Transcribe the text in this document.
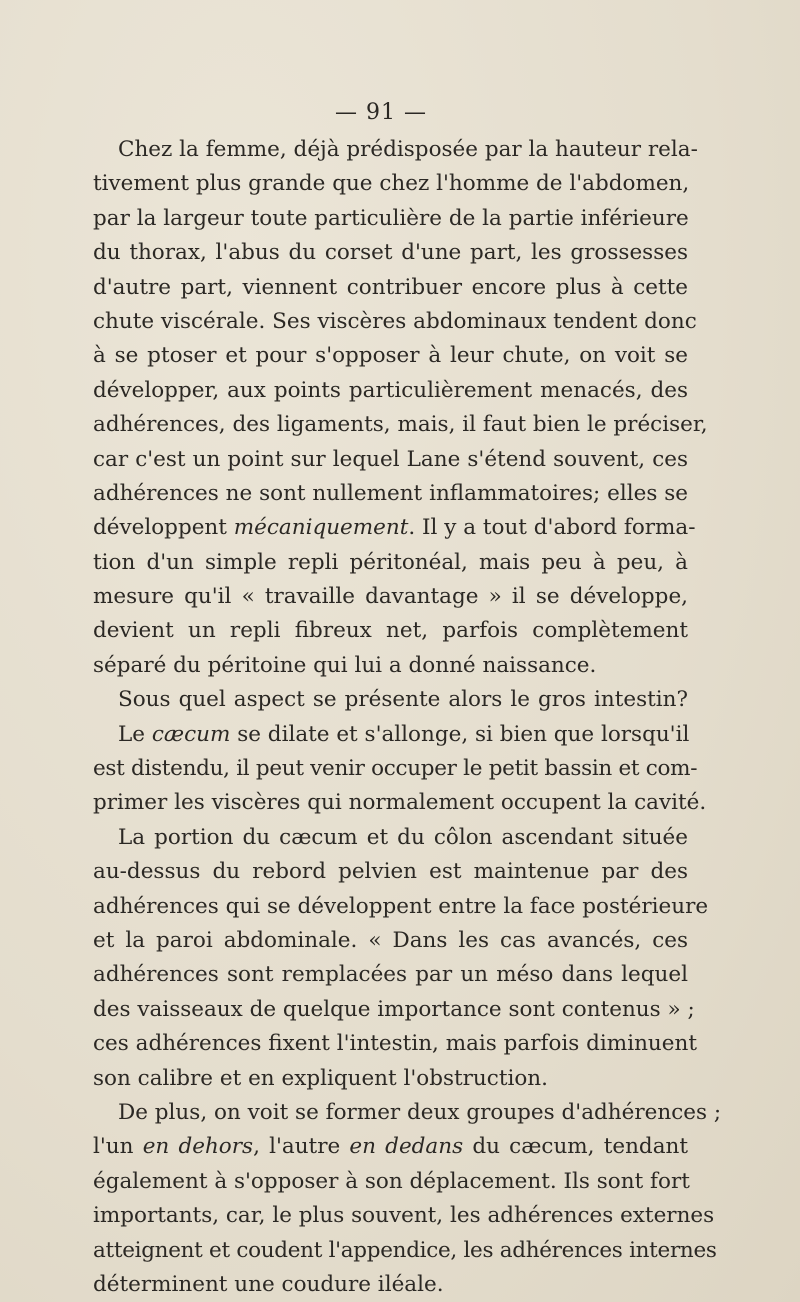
— 91 —
Chez la femme, déjà prédisposée par la hauteur rela-
tivement plus grande que chez l'homme de l'abdomen,
par la largeur toute particulière de la partie inférieure
du thorax, l'abus du corset d'une part, les grossesses
d'autre part, viennent contribuer encore plus à cette
chute viscérale. Ses viscères abdominaux tendent donc
à se ptoser et pour s'opposer à leur chute, on voit se
développer, aux points particulièrement menacés, des
adhérences, des ligaments, mais, il faut bien le préciser,
car c'est un point sur lequel Lane s'étend souvent, ces
adhérences ne sont nullement inflammatoires; elles se
développent mécaniquement. Il y a tout d'abord forma-
tion d'un simple repli péritonéal, mais peu à peu, à
mesure qu'il « travaille davantage » il se développe,
devient un repli fibreux net, parfois complètement
séparé du péritoine qui lui a donné naissance.
Sous quel aspect se présente alors le gros intestin?
Le cæcum se dilate et s'allonge, si bien que lorsqu'il
est distendu, il peut venir occuper le petit bassin et com-
primer les viscères qui normalement occupent la cavité.
La portion du cæcum et du côlon ascendant située
au-dessus du rebord pelvien est maintenue par des
adhérences qui se développent entre la face postérieure
et la paroi abdominale. « Dans les cas avancés, ces
adhérences sont remplacées par un méso dans lequel
des vaisseaux de quelque importance sont contenus » ;
ces adhérences fixent l'intestin, mais parfois diminuent
son calibre et en expliquent l'obstruction.
De plus, on voit se former deux groupes d'adhérences ;
l'un en dehors, l'autre en dedans du cæcum, tendant
également à s'opposer à son déplacement. Ils sont fort
importants, car, le plus souvent, les adhérences externes
atteignent et coudent l'appendice, les adhérences internes
déterminent une coudure iléale.
